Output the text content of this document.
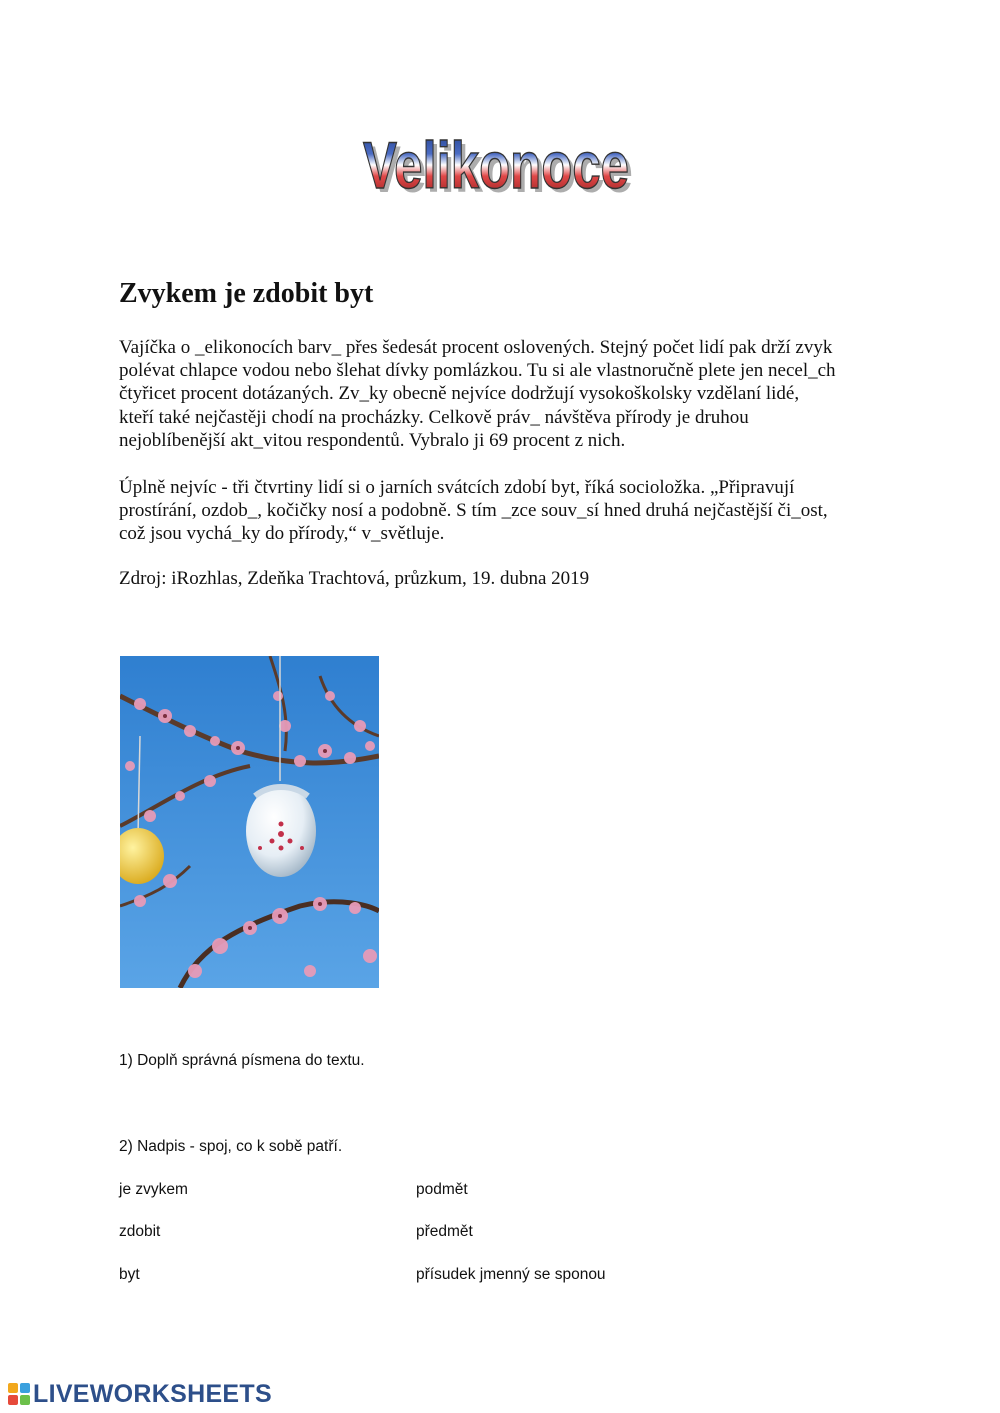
Velikonoce
Velikonoce
Zvykem je zdobit byt

Vajíčka o _elikonocích barv_ přes šedesát procent oslovených. Stejný počet lidí pak drží zvyk
polévat chlapce vodou nebo šlehat dívky pomlázkou. Tu si ale vlastnoručně plete jen necel_ch
čtyřicet procent dotázaných. Zv_ky obecně nejvíce dodržují vysokoškolsky vzdělaní lidé,
kteří také nejčastěji chodí na procházky. Celkově práv_ návštěva přírody je druhou
nejoblíbenější akt_vitou respondentů. Vybralo ji 69 procent z nich.

Úplně nejvíc - tři čtvrtiny lidí si o jarních svátcích zdobí byt, říká socioložka. „Připravují
prostírání, ozdob_, kočičky nosí a podobně. S tím _zce souv_sí hned druhá nejčastější či_ost,
což jsou vychá_ky do přírody,“ v_světluje.

Zdroj: iRozhlas, Zdeňka Trachtová, průzkum, 19. dubna 2019

1) Doplň správná písmena do textu.

2) Nadpis - spoj, co k sobě patří.

je zvykem
zdobit
byt
podmět
předmět
přísudek jmenný se sponou
LIVEWORKSHEETS
